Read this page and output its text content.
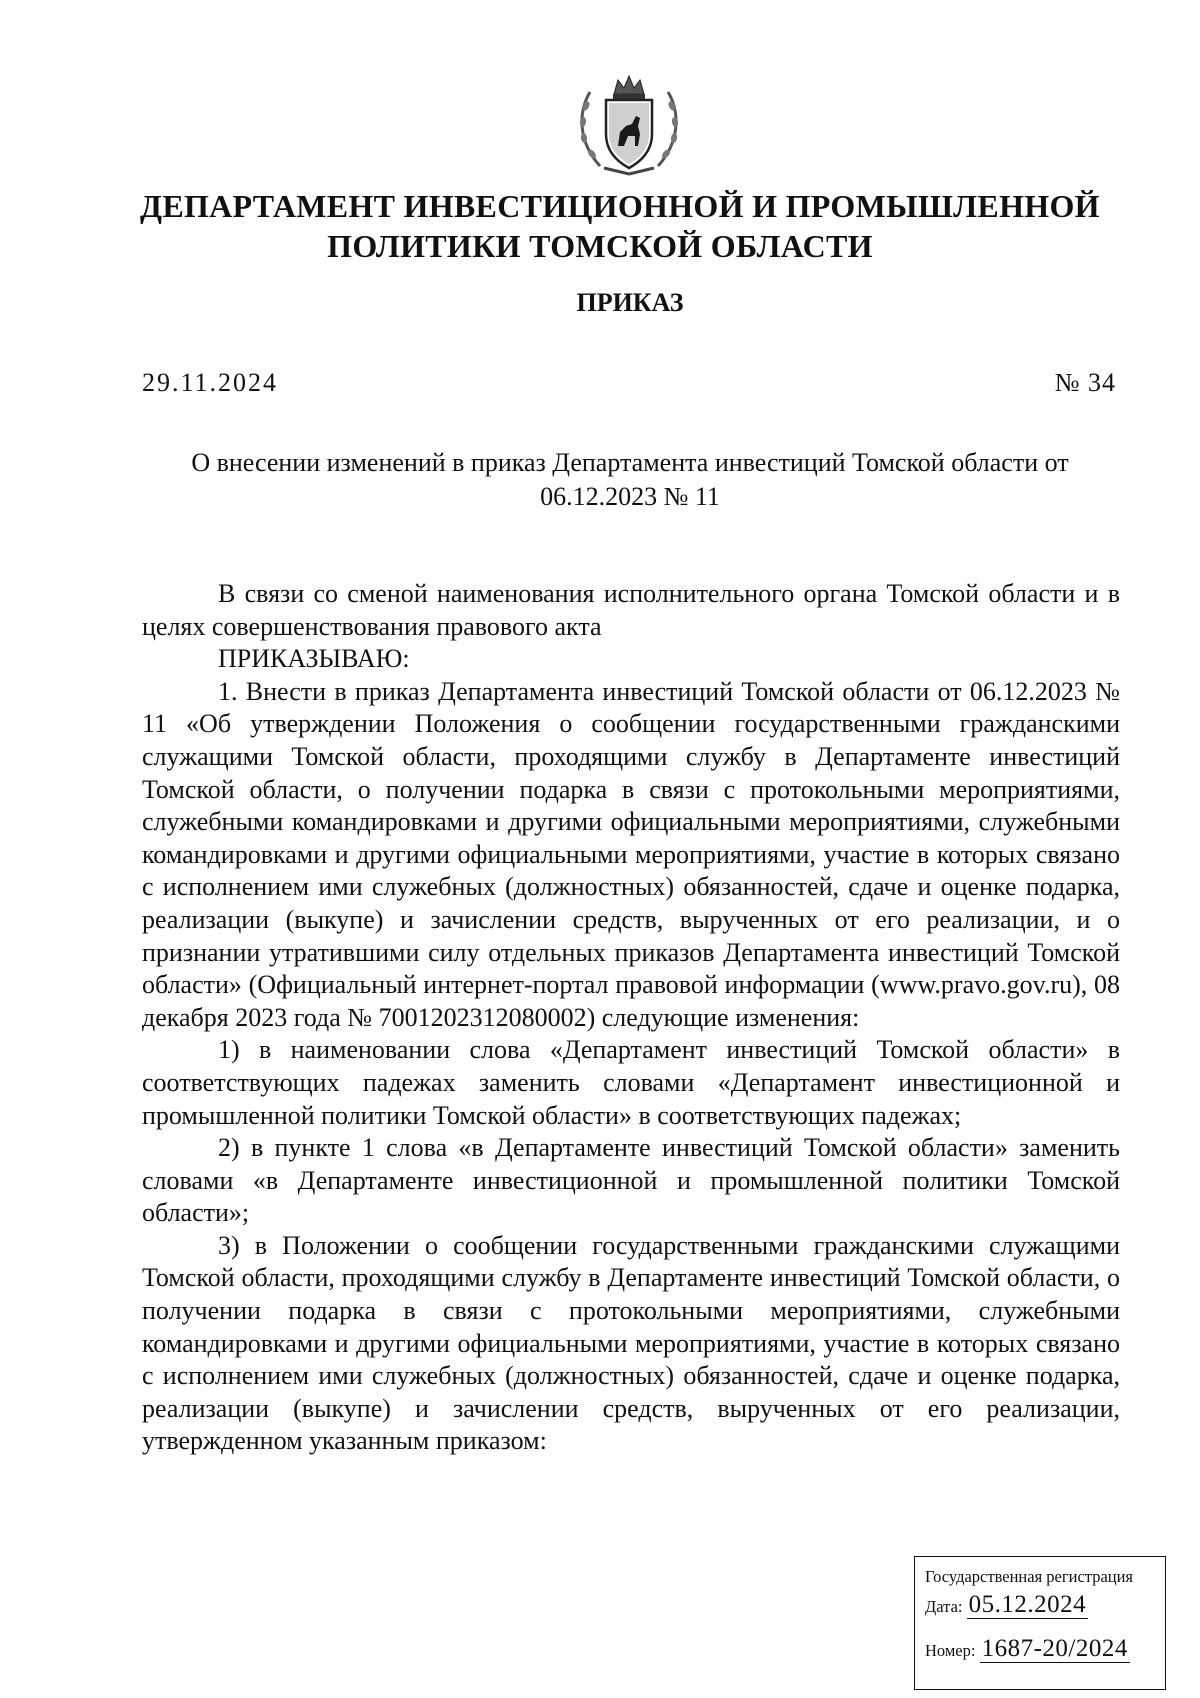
ДЕПАРТАМЕНТ ИНВЕСТИЦИОННОЙ И ПРОМЫШЛЕННОЙ
ПОЛИТИКИ ТОМСКОЙ ОБЛАСТИ
ПРИКАЗ
29.11.2024	№ 34
О внесении изменений в приказ Департамента инвестиций Томской области от
06.12.2023 № 11

В связи со сменой наименования исполнительного органа Томской области и в целях совершенствования правового акта

ПРИКАЗЫВАЮ:

1. Внести в приказ Департамента инвестиций Томской области от 06.12.2023 № 11 «Об утверждении Положения о сообщении государственными гражданскими служащими Томской области, проходящими службу в Департаменте инвестиций Томской области, о получении подарка в связи с протокольными мероприятиями, служебными командировками и другими официальными мероприятиями, служебными командировками и другими официальными мероприятиями, участие в которых связано с исполнением ими служебных (должностных) обязанностей, сдаче и оценке подарка, реализации (выкупе) и зачислении средств, вырученных от его реализации, и о признании утратившими силу отдельных приказов Департамента инвестиций Томской области» (Официальный интернет-портал правовой информации (www.pravo.gov.ru), 08 декабря 2023 года № 7001202312080002) следующие изменения:

1) в наименовании слова «Департамент инвестиций Томской области» в соответствующих падежах заменить словами «Департамент инвестиционной и промышленной политики Томской области» в соответствующих падежах;

2) в пункте 1 слова «в Департаменте инвестиций Томской области» заменить словами «в Департаменте инвестиционной и промышленной политики Томской области»;

3) в Положении о сообщении государственными гражданскими служащими Томской области, проходящими службу в Департаменте инвестиций Томской области, о получении подарка в связи с протокольными мероприятиями, служебными командировками и другими официальными мероприятиями, участие в которых связано с исполнением ими служебных (должностных) обязанностей, сдаче и оценке подарка, реализации (выкупе) и зачислении средств, вырученных от его реализации, утвержденном указанным приказом:

Государственная регистрация
Дата: 05.12.2024
Номер: 1687-20/2024
